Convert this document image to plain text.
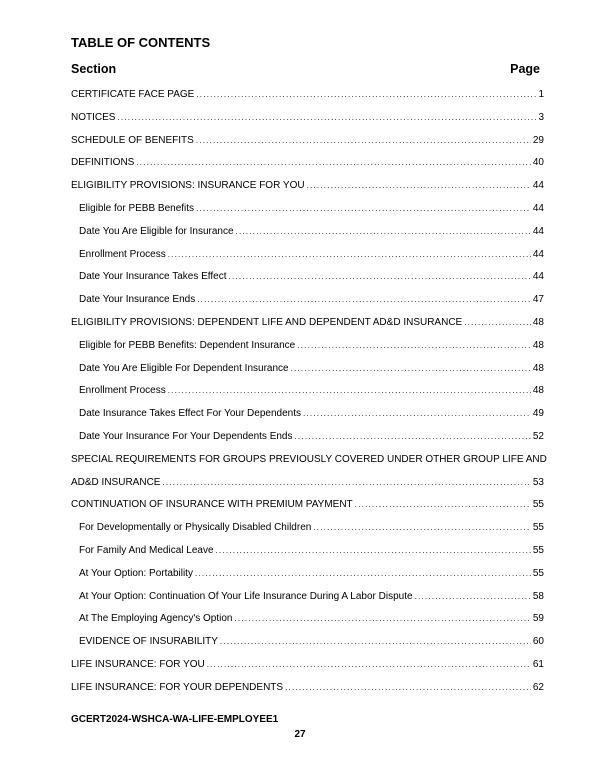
TABLE OF CONTENTS
Section	Page
CERTIFICATE FACE PAGE . . .	1
NOTICES . . .	3
SCHEDULE OF BENEFITS . . .	29
DEFINITIONS . . .	40
ELIGIBILITY PROVISIONS: INSURANCE FOR YOU . . .	44
Eligible for PEBB Benefits . . .	44
Date You Are Eligible for Insurance . . .	44
Enrollment Process . . .	44
Date Your Insurance Takes Effect . . .	44
Date Your Insurance Ends . . .	47
ELIGIBILITY PROVISIONS: DEPENDENT LIFE AND DEPENDENT AD&D INSURANCE . . .	48
Eligible for PEBB Benefits: Dependent Insurance . . .	48
Date You Are Eligible For Dependent Insurance . . .	48
Enrollment Process . . .	48
Date Insurance Takes Effect For Your Dependents . . .	49
Date Your Insurance For Your Dependents Ends . . .	52
SPECIAL REQUIREMENTS FOR GROUPS PREVIOUSLY COVERED UNDER OTHER GROUP LIFE AND
AD&D INSURANCE . . .	53
CONTINUATION OF INSURANCE WITH PREMIUM PAYMENT . . .	55
For Developmentally or Physically Disabled Children . . .	55
For Family And Medical Leave . . .	55
At Your Option: Portability . . .	55
At Your Option: Continuation Of Your Life Insurance During A Labor Dispute . . .	58
At The Employing Agency's Option . . .	59
EVIDENCE OF INSURABILITY . . .	60
LIFE INSURANCE: FOR YOU . . .	61
LIFE INSURANCE: FOR YOUR DEPENDENTS . . .	62
GCERT2024-WSHCA-WA-LIFE-EMPLOYEE1
27
